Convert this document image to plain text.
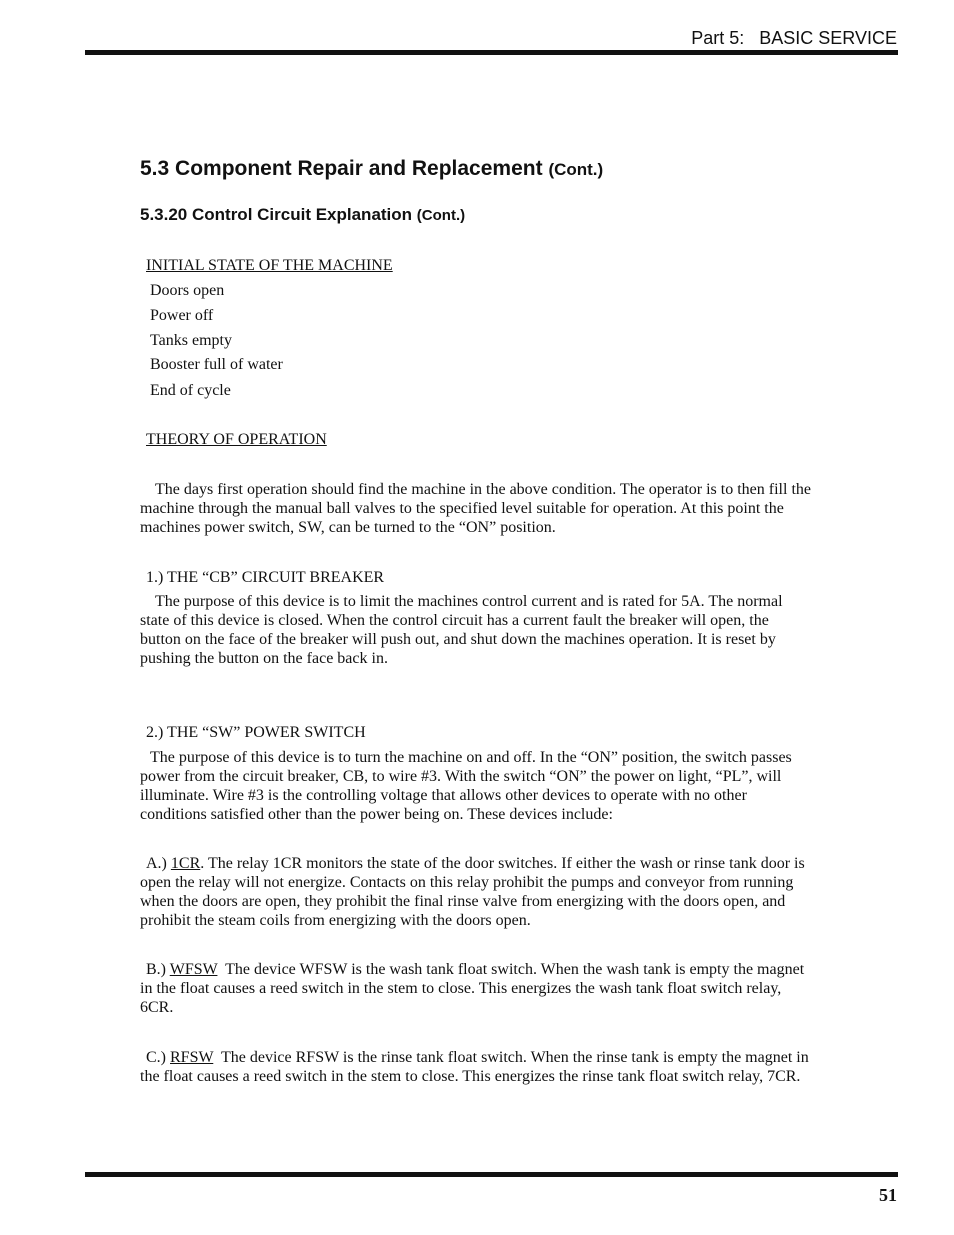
Part 5:   BASIC SERVICE
5.3 Component Repair and Replacement (Cont.)
5.3.20 Control Circuit Explanation (Cont.)
INITIAL STATE OF THE MACHINE
Doors open
Power off
Tanks empty
Booster full of water
End of cycle
THEORY OF OPERATION
The days first operation should find the machine in the above condition. The operator is to then fill the machine through the manual ball valves to the specified level suitable for operation. At this point the machines power switch, SW, can be turned to the “ON” position.
1.) THE “CB” CIRCUIT BREAKER
The purpose of this device is to limit the machines control current and is rated for 5A. The normal state of this device is closed. When the control circuit has a current fault the breaker will open, the button on the face of the breaker will push out, and shut down the machines operation. It is reset by pushing the button on the face back in.
2.) THE “SW” POWER SWITCH
The purpose of this device is to turn the machine on and off. In the “ON” position, the switch passes power from the circuit breaker, CB, to wire #3. With the switch “ON” the power on light, “PL”, will illuminate. Wire #3 is the controlling voltage that allows other devices to operate with no other conditions satisfied other than the power being on. These devices include:
A.) 1CR. The relay 1CR monitors the state of the door switches. If either the wash or rinse tank door is open the relay will not energize. Contacts on this relay prohibit the pumps and conveyor from running when the doors are open, they prohibit the final rinse valve from energizing with the doors open, and prohibit the steam coils from energizing with the doors open.
B.) WFSW  The device WFSW is the wash tank float switch. When the wash tank is empty the magnet in the float causes a reed switch in the stem to close. This energizes the wash tank float switch relay, 6CR.
C.) RFSW  The device RFSW is the rinse tank float switch. When the rinse tank is empty the magnet in the float causes a reed switch in the stem to close. This energizes the rinse tank float switch relay, 7CR.
51
